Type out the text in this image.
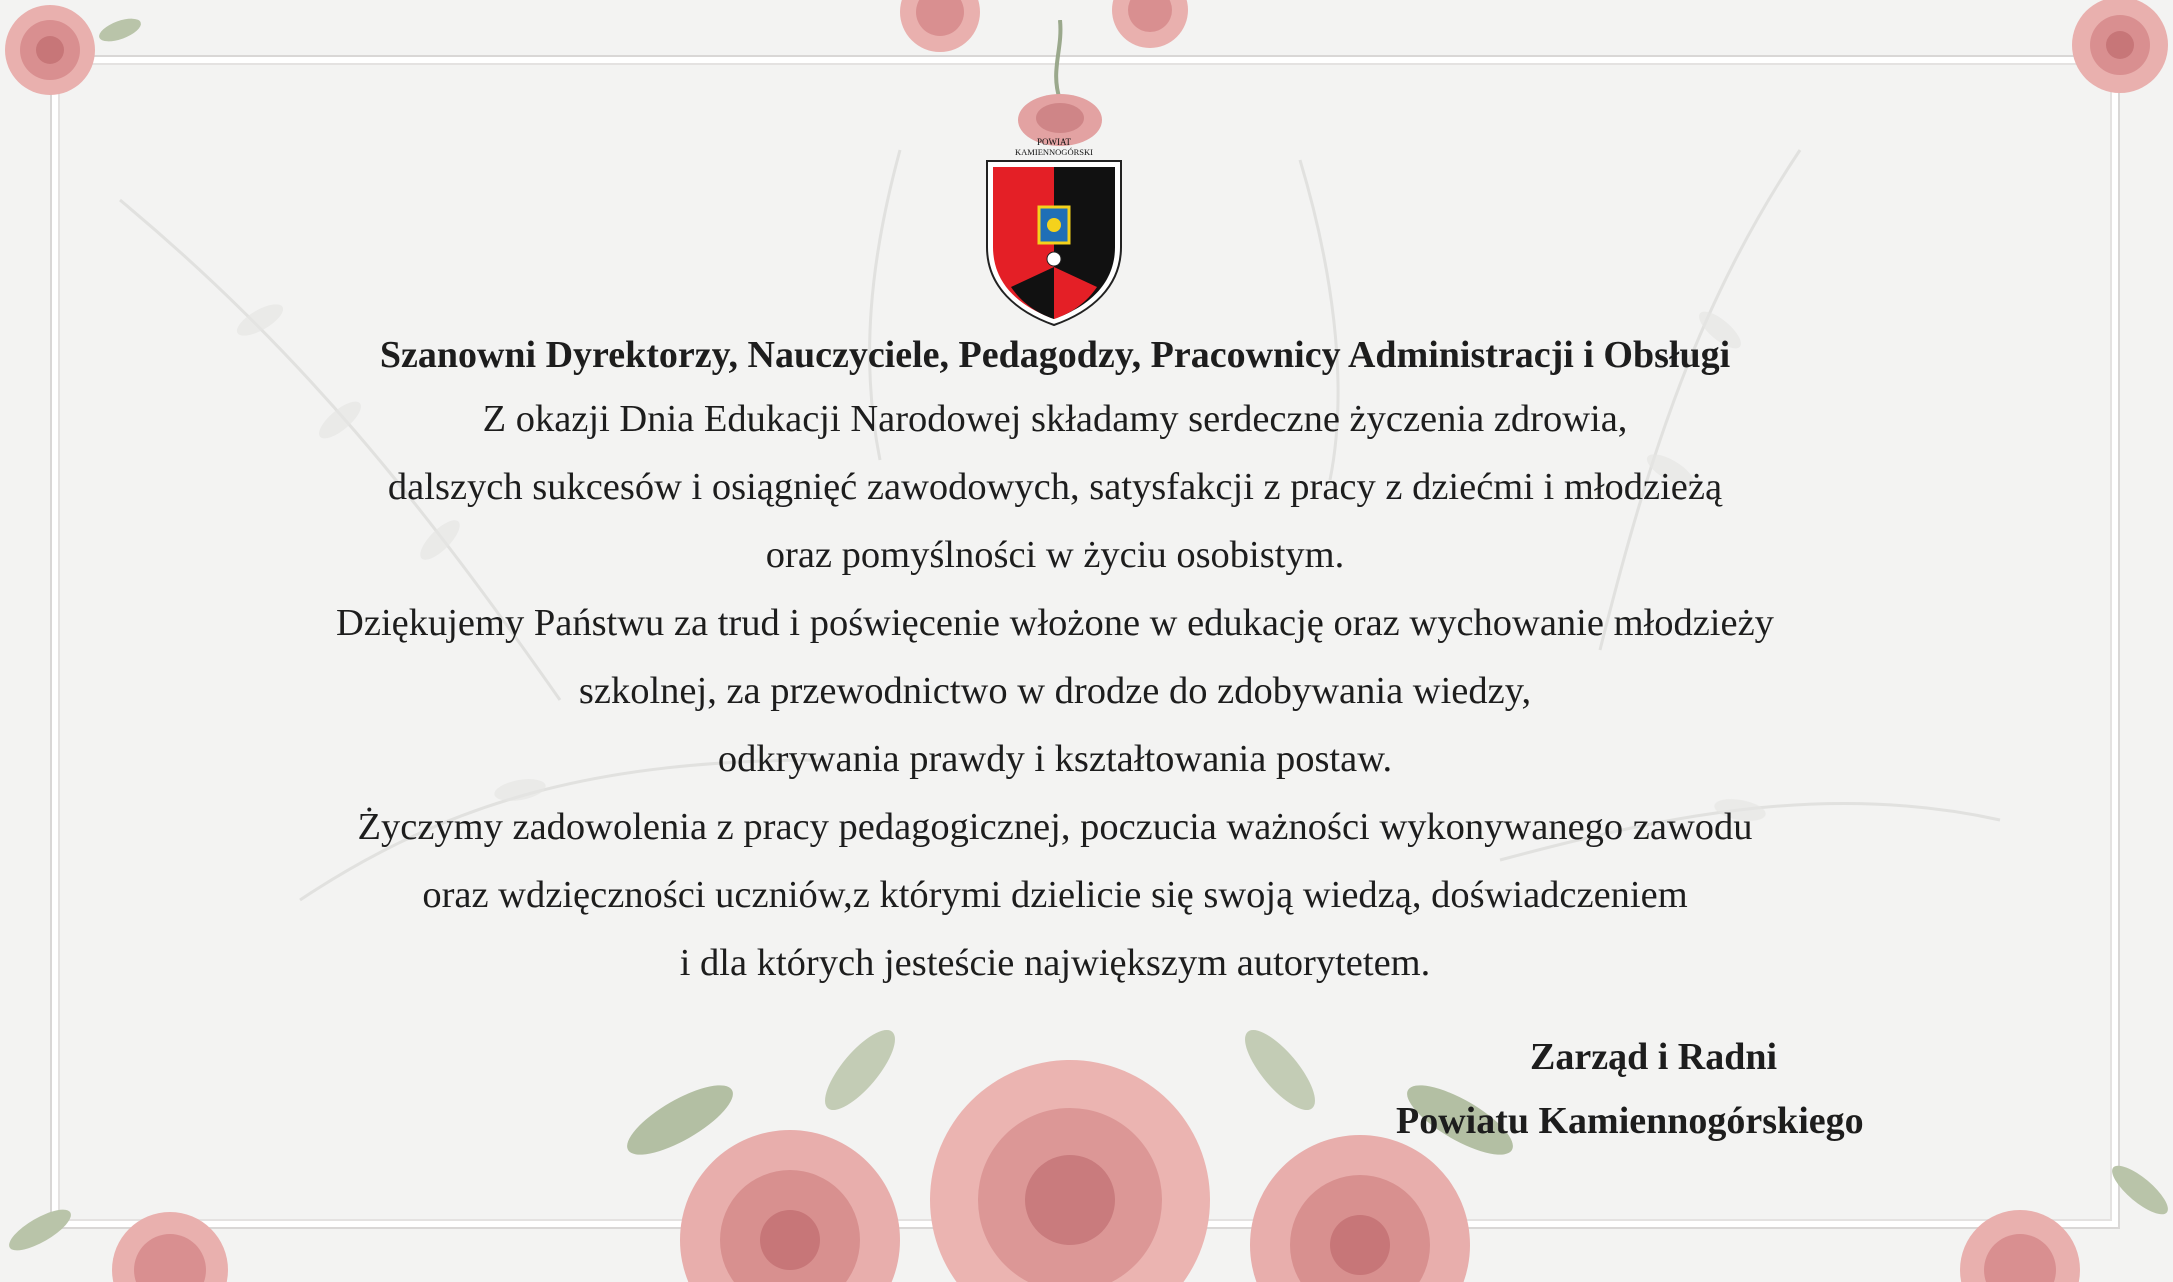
POWIAT
KAMIENNOGÓRSKI

Szanowni Dyrektorzy, Nauczyciele, Pedagodzy, Pracownicy Administracji i Obsługi

Z okazji Dnia Edukacji Narodowej składamy serdeczne życzenia zdrowia,

dalszych sukcesów i osiągnięć zawodowych, satysfakcji z pracy z dziećmi i młodzieżą

oraz pomyślności w życiu osobistym.

Dziękujemy Państwu za trud i poświęcenie włożone w edukację oraz wychowanie młodzieży

szkolnej, za przewodnictwo w drodze do zdobywania wiedzy,

odkrywania prawdy i kształtowania postaw.

Życzymy zadowolenia z pracy pedagogicznej, poczucia ważności wykonywanego zawodu

oraz wdzięczności uczniów,z którymi dzielicie się swoją wiedzą, doświadczeniem

i dla których jesteście największym autorytetem.

Zarząd i Radni
Powiatu Kamiennogórskiego
